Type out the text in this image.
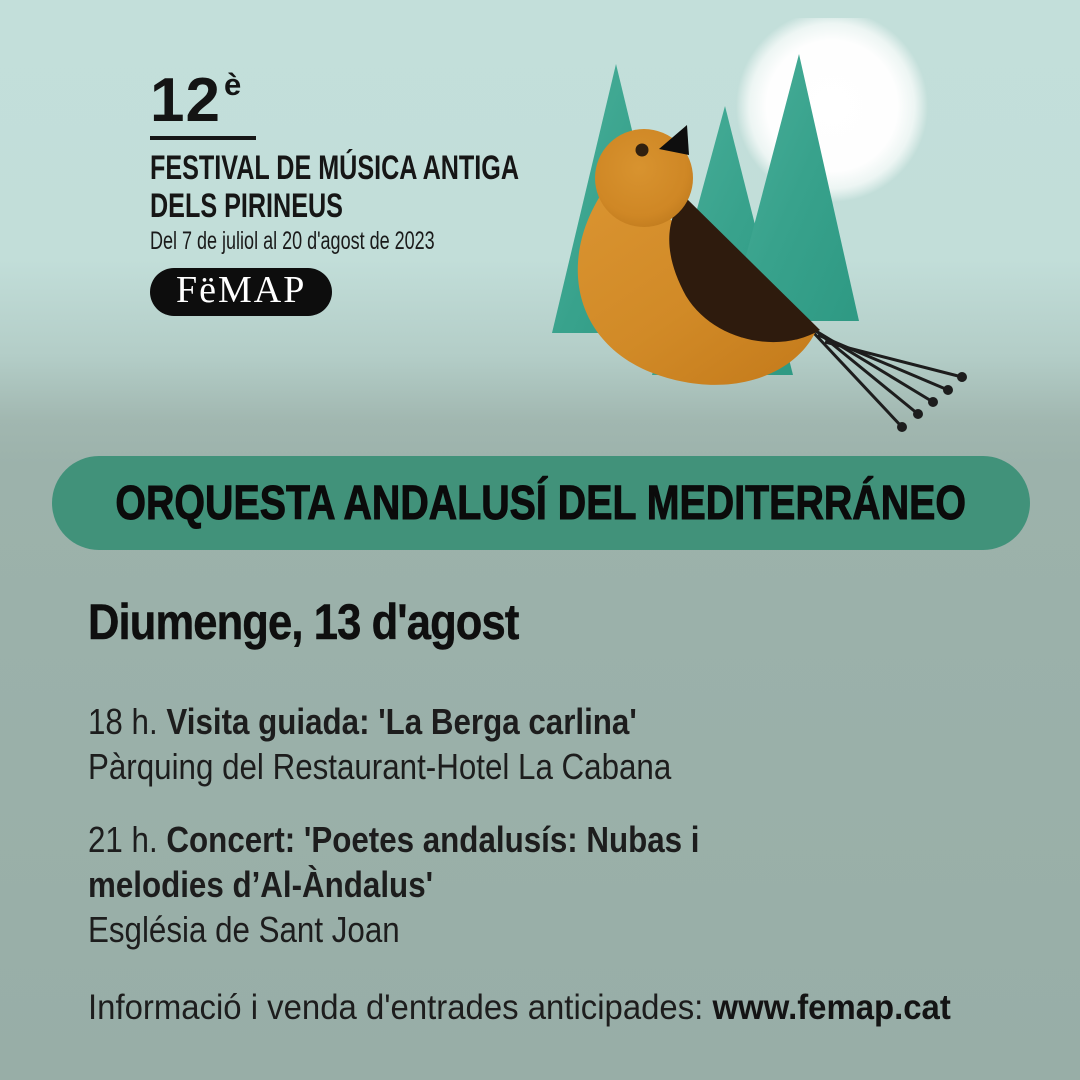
12è
FESTIVAL DE MÚSICA ANTIGA
DELS PIRINEUS
Del 7 de juliol al 20 d'agost de 2023
FëMAP
ORQUESTA ANDALUSÍ DEL MEDITERRÁNEO
Diumenge, 13 d'agost
18 h. Visita guiada: 'La Berga carlina'
Pàrquing del Restaurant-Hotel La Cabana
21 h. Concert: 'Poetes andalusís: Nubas i
melodies d’Al-Àndalus'
Església de Sant Joan
Informació i venda d'entrades anticipades: www.femap.cat
